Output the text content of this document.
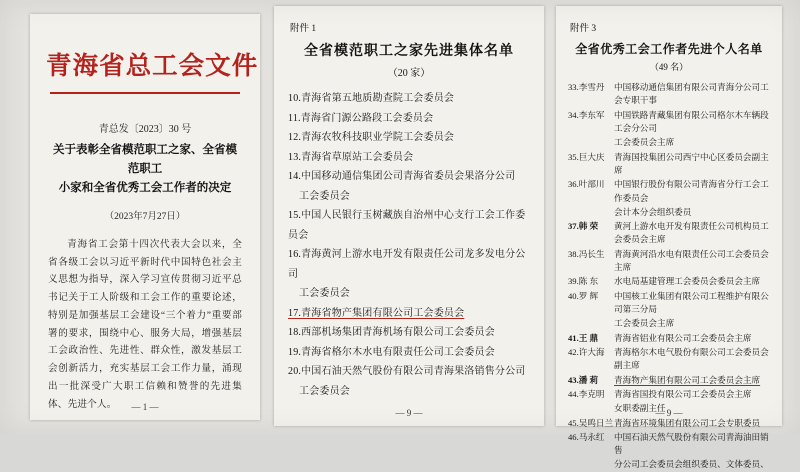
青海省总工会文件
青总发〔2023〕30 号
关于表彰全省模范职工之家、全省模范职工
小家和全省优秀工会工作者的决定
（2023年7月27日）
青海省工会第十四次代表大会以来，全省各级工会以习近平新时代中国特色社会主义思想为指导，深入学习宣传贯彻习近平总书记关于工人阶级和工会工作的重要论述，特别是加强基层工会建设“三个着力”重要部署的要求，围绕中心、服务大局，增强基层工会政治性、先进性、群众性，激发基层工会创新活力，充实基层工会工作力量，涌现出一批深受广大职工信赖和赞誉的先进集体、先进个人。	— 1 —
附件 1
全省模范职工之家先进集体名单
（20 家）
10.青海省第五地质勘查院工会委员会
11.青海省门源公路段工会委员会
12.青海农牧科技职业学院工会委员会
13.青海省草原站工会委员会
14.中国移动通信集团公司青海省委员会果洛分公司
工会委员会
15.中国人民银行玉树藏族自治州中心支行工会工作委员会
16.青海黄河上游水电开发有限责任公司龙多发电分公司
工会委员会
17.青海省物产集团有限公司工会委员会
18.西部机场集团青海机场有限公司工会委员会
19.青海省格尔木水电有限责任公司工会委员会
20.中国石油天然气股份有限公司青海果洛销售分公司
工会委员会
— 9 —
附件 3
全省优秀工会工作者先进个人名单
（49 名）
33.李雪丹	中国移动通信集团有限公司青海分公司工会专职干事
34.李东军	中国铁路青藏集团有限公司格尔木车辆段工会分公司
工会委员会主席
35.巨大庆	青海国投集团公司西宁中心区委员会副主席
36.叶部川	中国银行股份有限公司青海省分行工会工作委员会
会计本分会组织委员
37.韩 荣	黄河上游水电开发有限责任公司机构员工会委员会主席
38.冯长生	青海黄河沿水电有限责任公司工会委员会主席
39.陈 东	水电局基建管理工会委员会委员会主席
40.罗 辉	中国核工业集团有限公司工程维护有限公司第三分局
工会委员会主席
41.王 鼎	青海省铝业有限公司工会委员会主席
42.许大海	青海格尔木电气股份有限公司工会委员会副主席
43.潘 莉	青海物产集团有限公司工会委员会主席
44.李克明	青海省国投有限公司工会委员会主席
女职委副主任
45.吴鸣日兰 青海省环境集团有限公司工会专职委员
46.马永红	中国石油天然气股份有限公司青海油田销售
分公司工会委员会组织委员、文体委员、
— 9 —
